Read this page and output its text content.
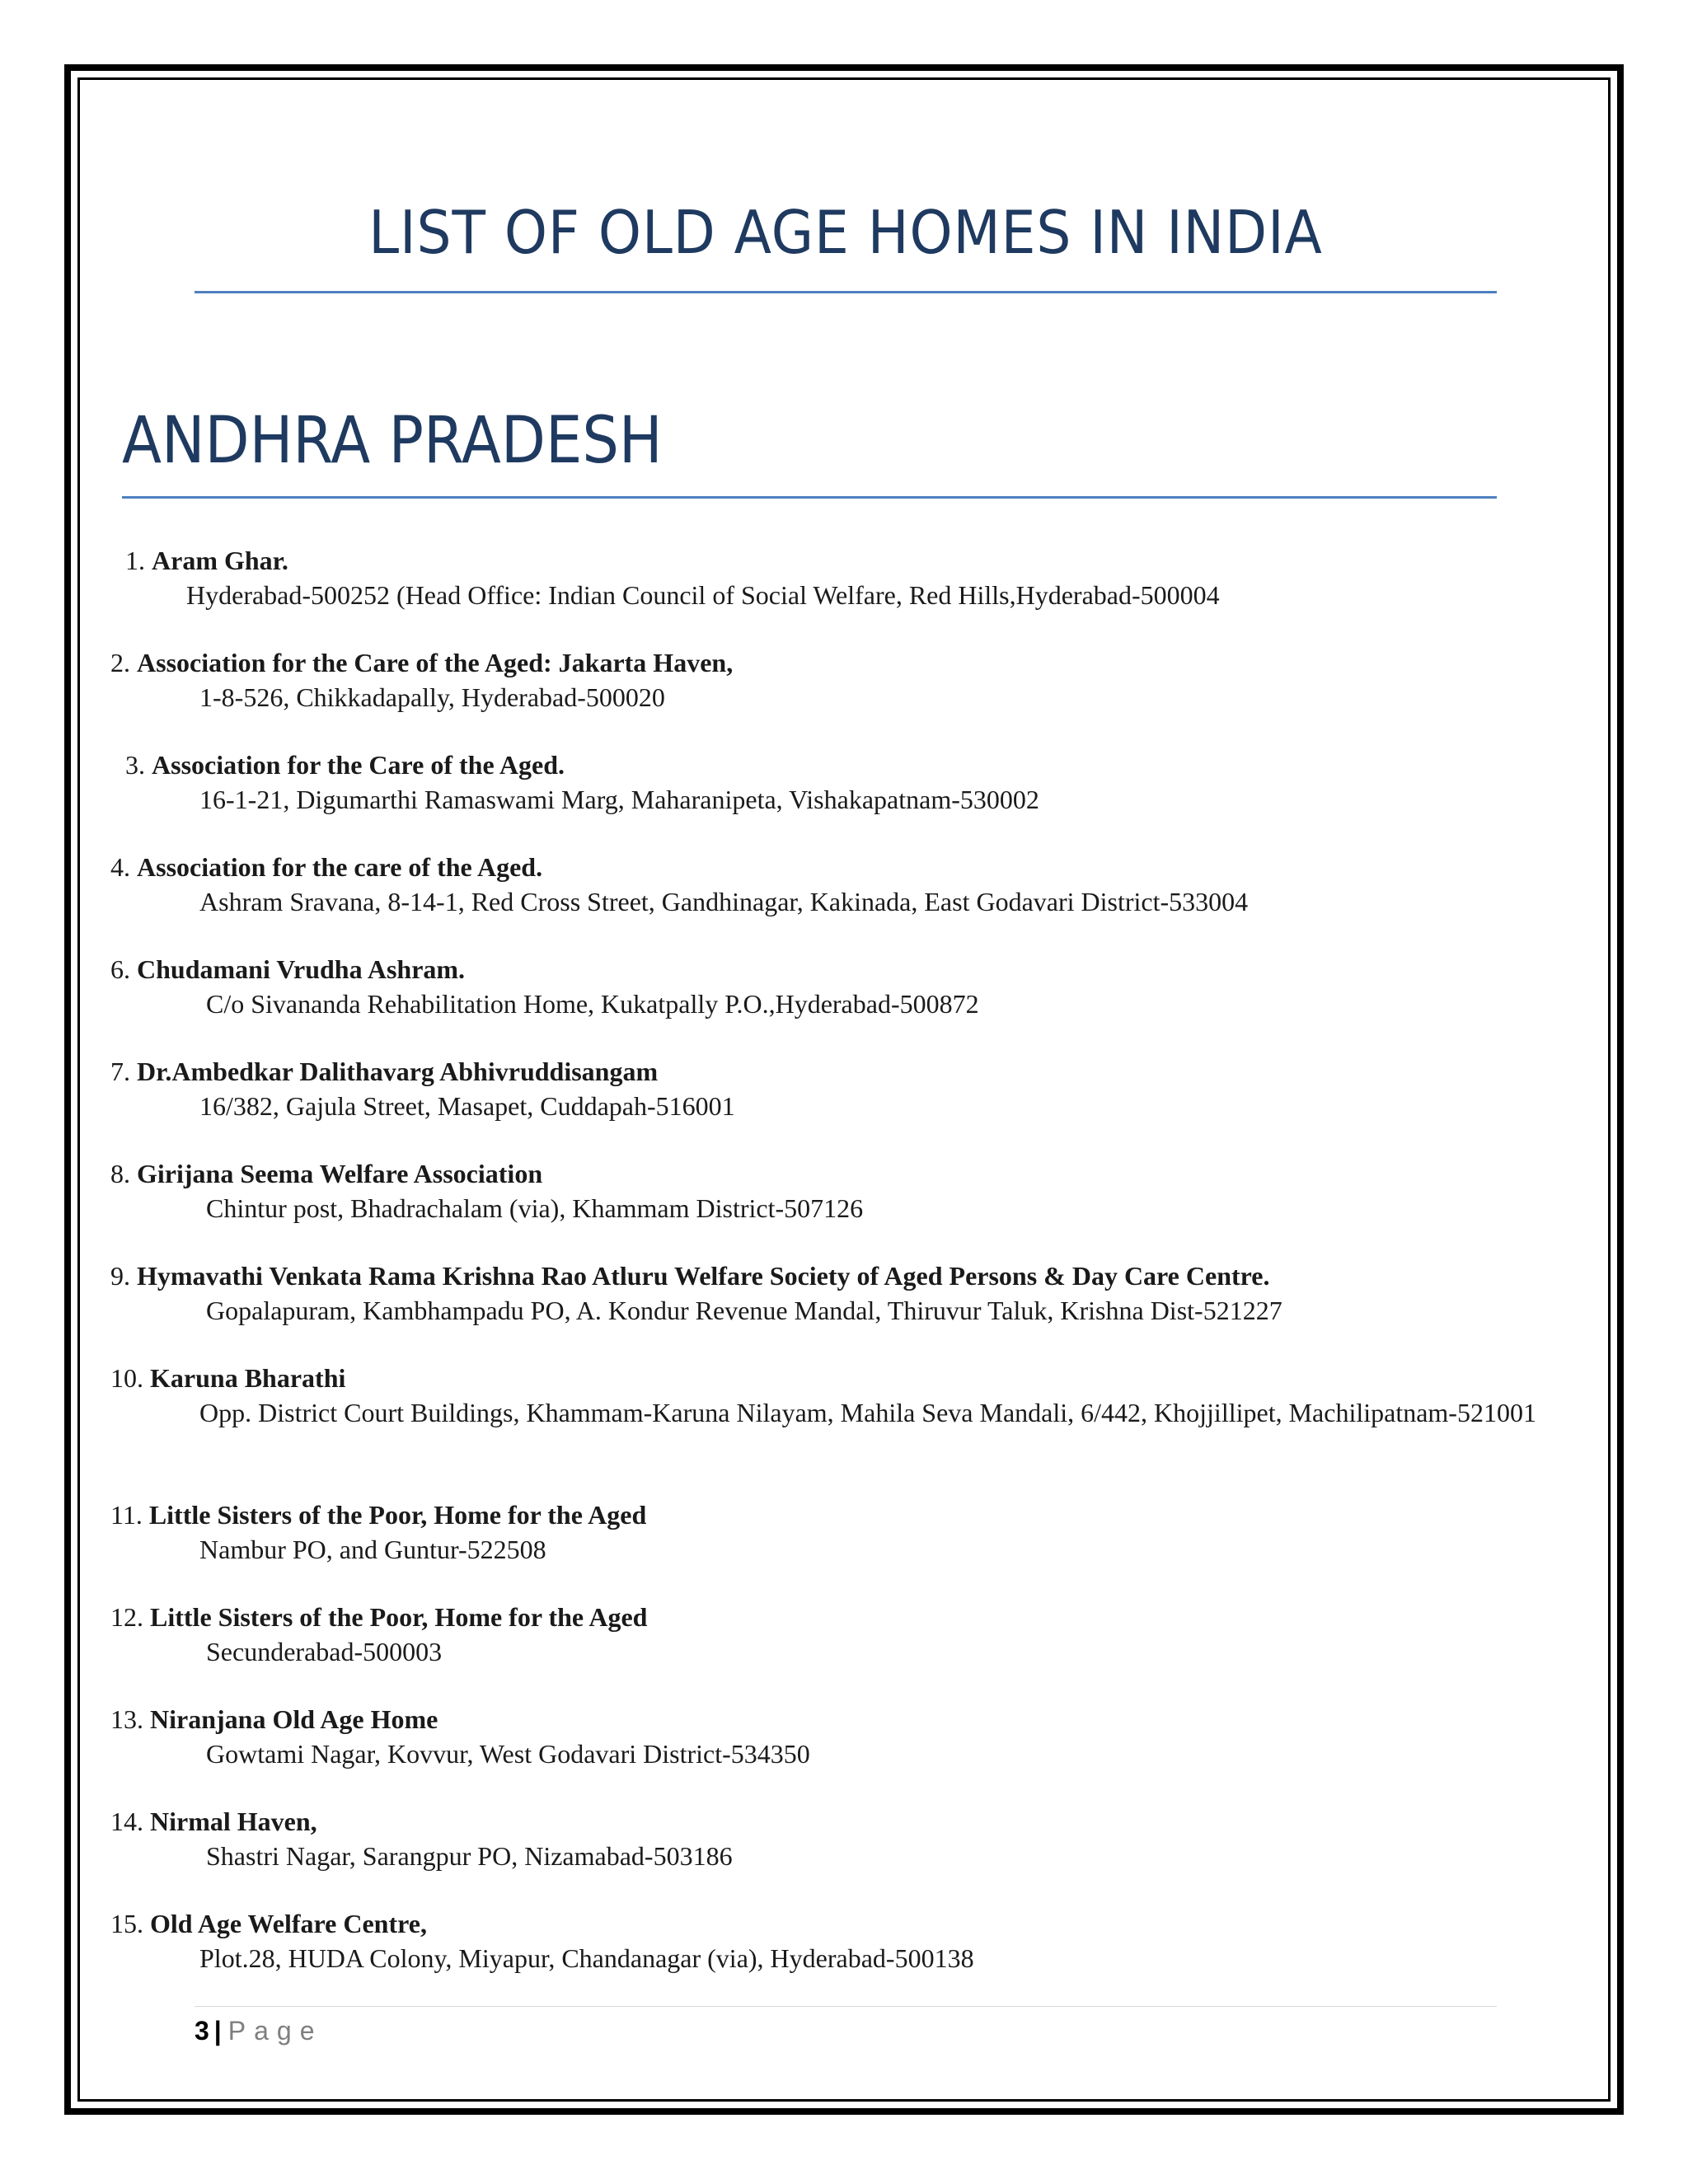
LIST OF OLD AGE HOMES IN INDIA
ANDHRA PRADESH
1. Aram Ghar.
Hyderabad-500252 (Head Office: Indian Council of Social Welfare, Red Hills,Hyderabad-500004
2. Association for the Care of the Aged: Jakarta Haven,
1-8-526, Chikkadapally, Hyderabad-500020
3. Association for the Care of the Aged.
16-1-21, Digumarthi Ramaswami Marg, Maharanipeta, Vishakapatnam-530002
4. Association for the care of the Aged.
Ashram Sravana, 8-14-1, Red Cross Street, Gandhinagar, Kakinada, East Godavari District-533004
6. Chudamani Vrudha Ashram.
C/o Sivananda Rehabilitation Home, Kukatpally P.O.,Hyderabad-500872
7. Dr.Ambedkar Dalithavarg Abhivruddisangam
16/382, Gajula Street, Masapet, Cuddapah-516001
8. Girijana Seema Welfare Association
Chintur post, Bhadrachalam (via), Khammam District-507126
9. Hymavathi Venkata Rama Krishna Rao Atluru Welfare Society of Aged Persons & Day Care Centre.
Gopalapuram, Kambhampadu PO, A. Kondur Revenue Mandal, Thiruvur Taluk, Krishna Dist-521227
10. Karuna Bharathi
Opp. District Court Buildings, Khammam-Karuna Nilayam, Mahila Seva Mandali, 6/442, Khojjillipet, Machilipatnam-521001
11. Little Sisters of the Poor, Home for the Aged
Nambur PO, and Guntur-522508
12. Little Sisters of the Poor, Home for the Aged
Secunderabad-500003
13. Niranjana Old Age Home
Gowtami Nagar, Kovvur, West Godavari District-534350
14. Nirmal Haven,
Shastri Nagar, Sarangpur PO, Nizamabad-503186
15. Old Age Welfare Centre,
Plot.28, HUDA Colony, Miyapur, Chandanagar (via), Hyderabad-500138
3 | Page
